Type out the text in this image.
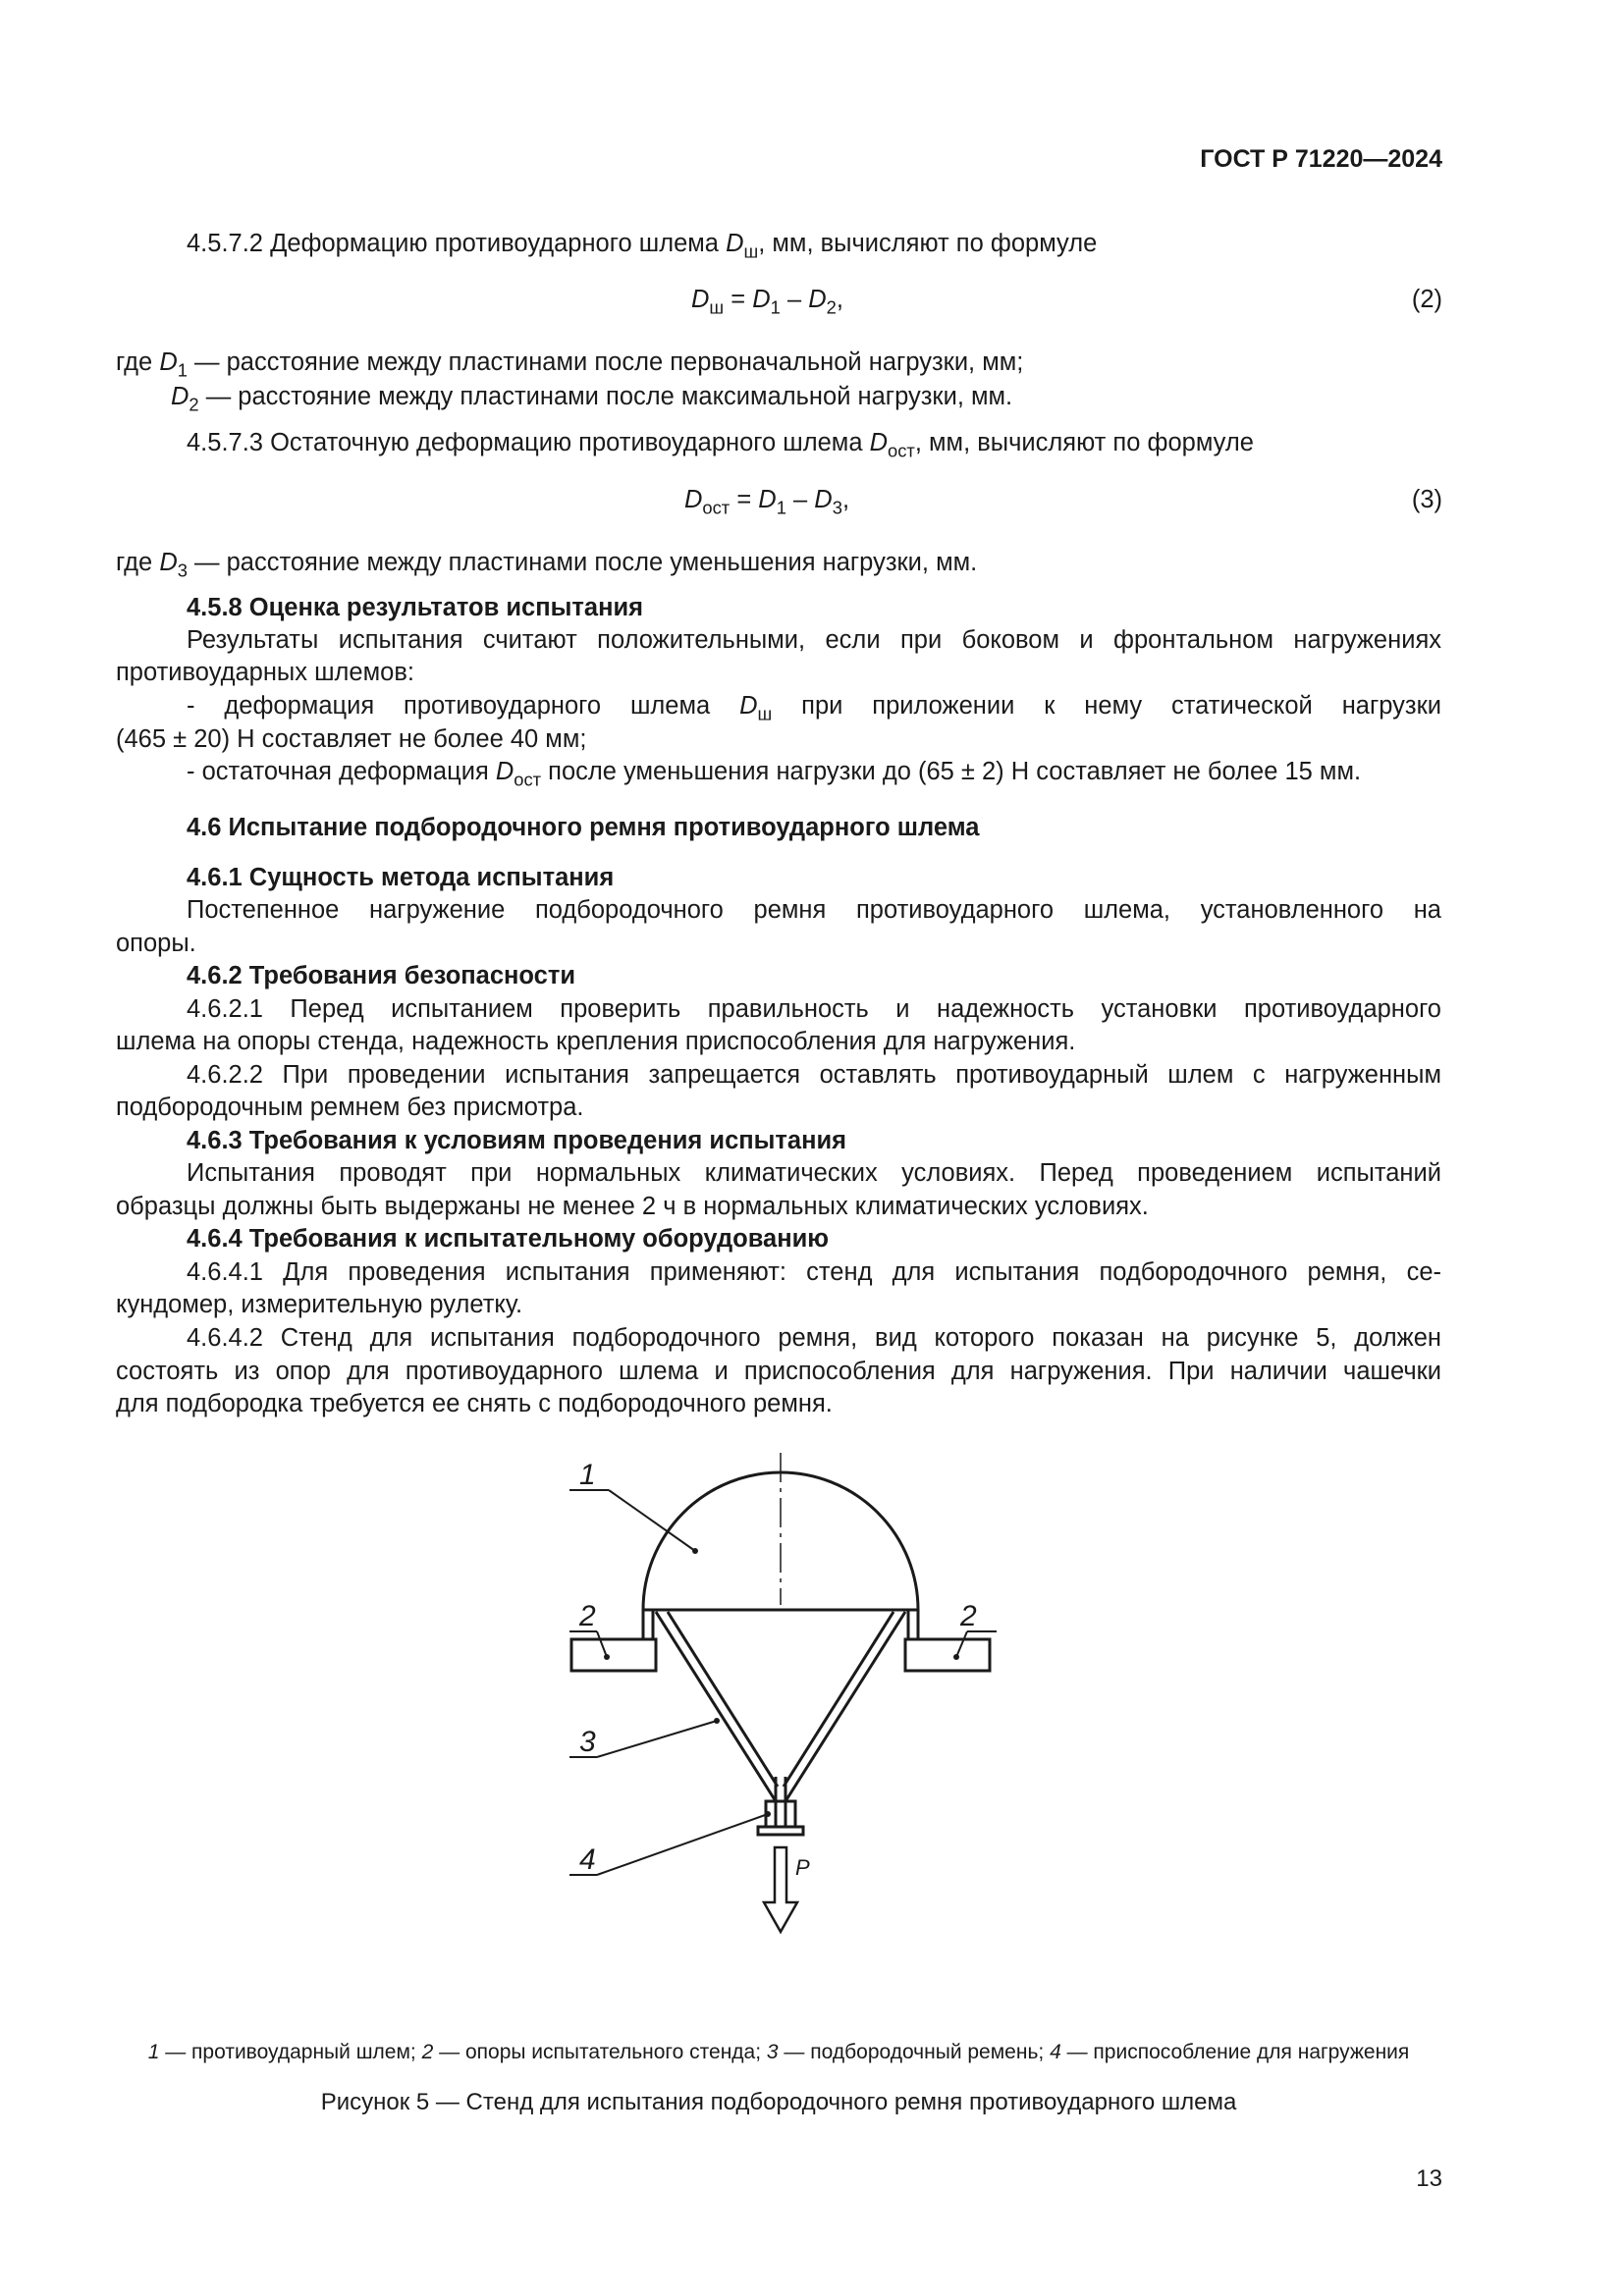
ГОСТ Р 71220—2024
4.5.7.2 Деформацию противоударного шлема $D_ш$, мм, вычисляют по формуле
$D_ш = D_1 - D_2$,	(2)
где $D_1$ — расстояние между пластинами после первоначальной нагрузки, мм;
$D_2$ — расстояние между пластинами после максимальной нагрузки, мм.
4.5.7.3 Остаточную деформацию противоударного шлема $D_{ост}$, мм, вычисляют по формуле
$D_{ост} = D_1 - D_3$,	(3)
где $D_3$ — расстояние между пластинами после уменьшения нагрузки, мм.
4.5.8 Оценка результатов испытания
Результаты испытания считают положительными, если при боковом и фронтальном нагружениях
противоударных шлемов:
- деформация противоударного шлема $D_ш$ при приложении к нему статической нагрузки
(465 ± 20) Н составляет не более 40 мм;
- остаточная деформация $D_{ост}$ после уменьшения нагрузки до (65 ± 2) Н составляет не более 15 мм.
4.6 Испытание подбородочного ремня противоударного шлема
4.6.1 Сущность метода испытания
Постепенное нагружение подбородочного ремня противоударного шлема, установленного на
опоры.
4.6.2 Требования безопасности
4.6.2.1 Перед испытанием проверить правильность и надежность установки противоударного
шлема на опоры стенда, надежность крепления приспособления для нагружения.
4.6.2.2 При проведении испытания запрещается оставлять противоударный шлем с нагруженным
подбородочным ремнем без присмотра.
4.6.3 Требования к условиям проведения испытания
Испытания проводят при нормальных климатических условиях. Перед проведением испытаний
образцы должны быть выдержаны не менее 2 ч в нормальных климатических условиях.
4.6.4 Требования к испытательному оборудованию
4.6.4.1 Для проведения испытания применяют: стенд для испытания подбородочного ремня, се-
кундомер, измерительную рулетку.
4.6.4.2 Стенд для испытания подбородочного ремня, вид которого показан на рисунке 5, должен
состоять из опор для противоударного шлема и приспособления для нагружения. При наличии чашечки
для подбородка требуется ее снять с подбородочного ремня.
1
2	2
3
4	P
1 — противоударный шлем; 2 — опоры испытательного стенда; 3 — подбородочный ремень; 4 — приспособление для нагружения
Рисунок 5 — Стенд для испытания подбородочного ремня противоударного шлема
13
